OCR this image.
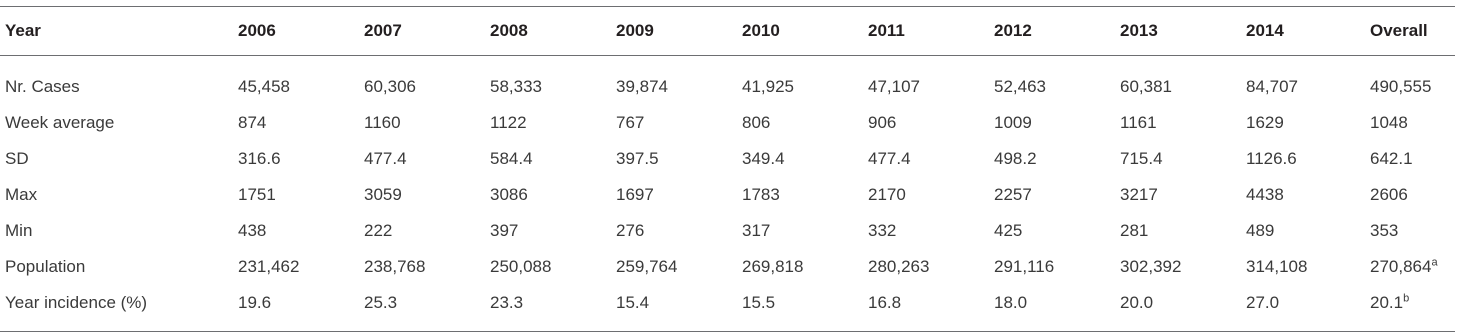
Year	2006	2007	2008	2009	2010	2011	2012	2013	2014	Overall
Nr. Cases	45,458	60,306	58,333	39,874	41,925	47,107	52,463	60,381	84,707	490,555
Week average	874	1160	1122	767	806	906	1009	1161	1629	1048
SD	316.6	477.4	584.4	397.5	349.4	477.4	498.2	715.4	1126.6	642.1
Max	1751	3059	3086	1697	1783	2170	2257	3217	4438	2606
Min	438	222	397	276	317	332	425	281	489	353
Population	231,462	238,768	250,088	259,764	269,818	280,263	291,116	302,392	314,108	270,864$^a$
Year incidence (%)	19.6	25.3	23.3	15.4	15.5	16.8	18.0	20.0	27.0	20.1$^b$
